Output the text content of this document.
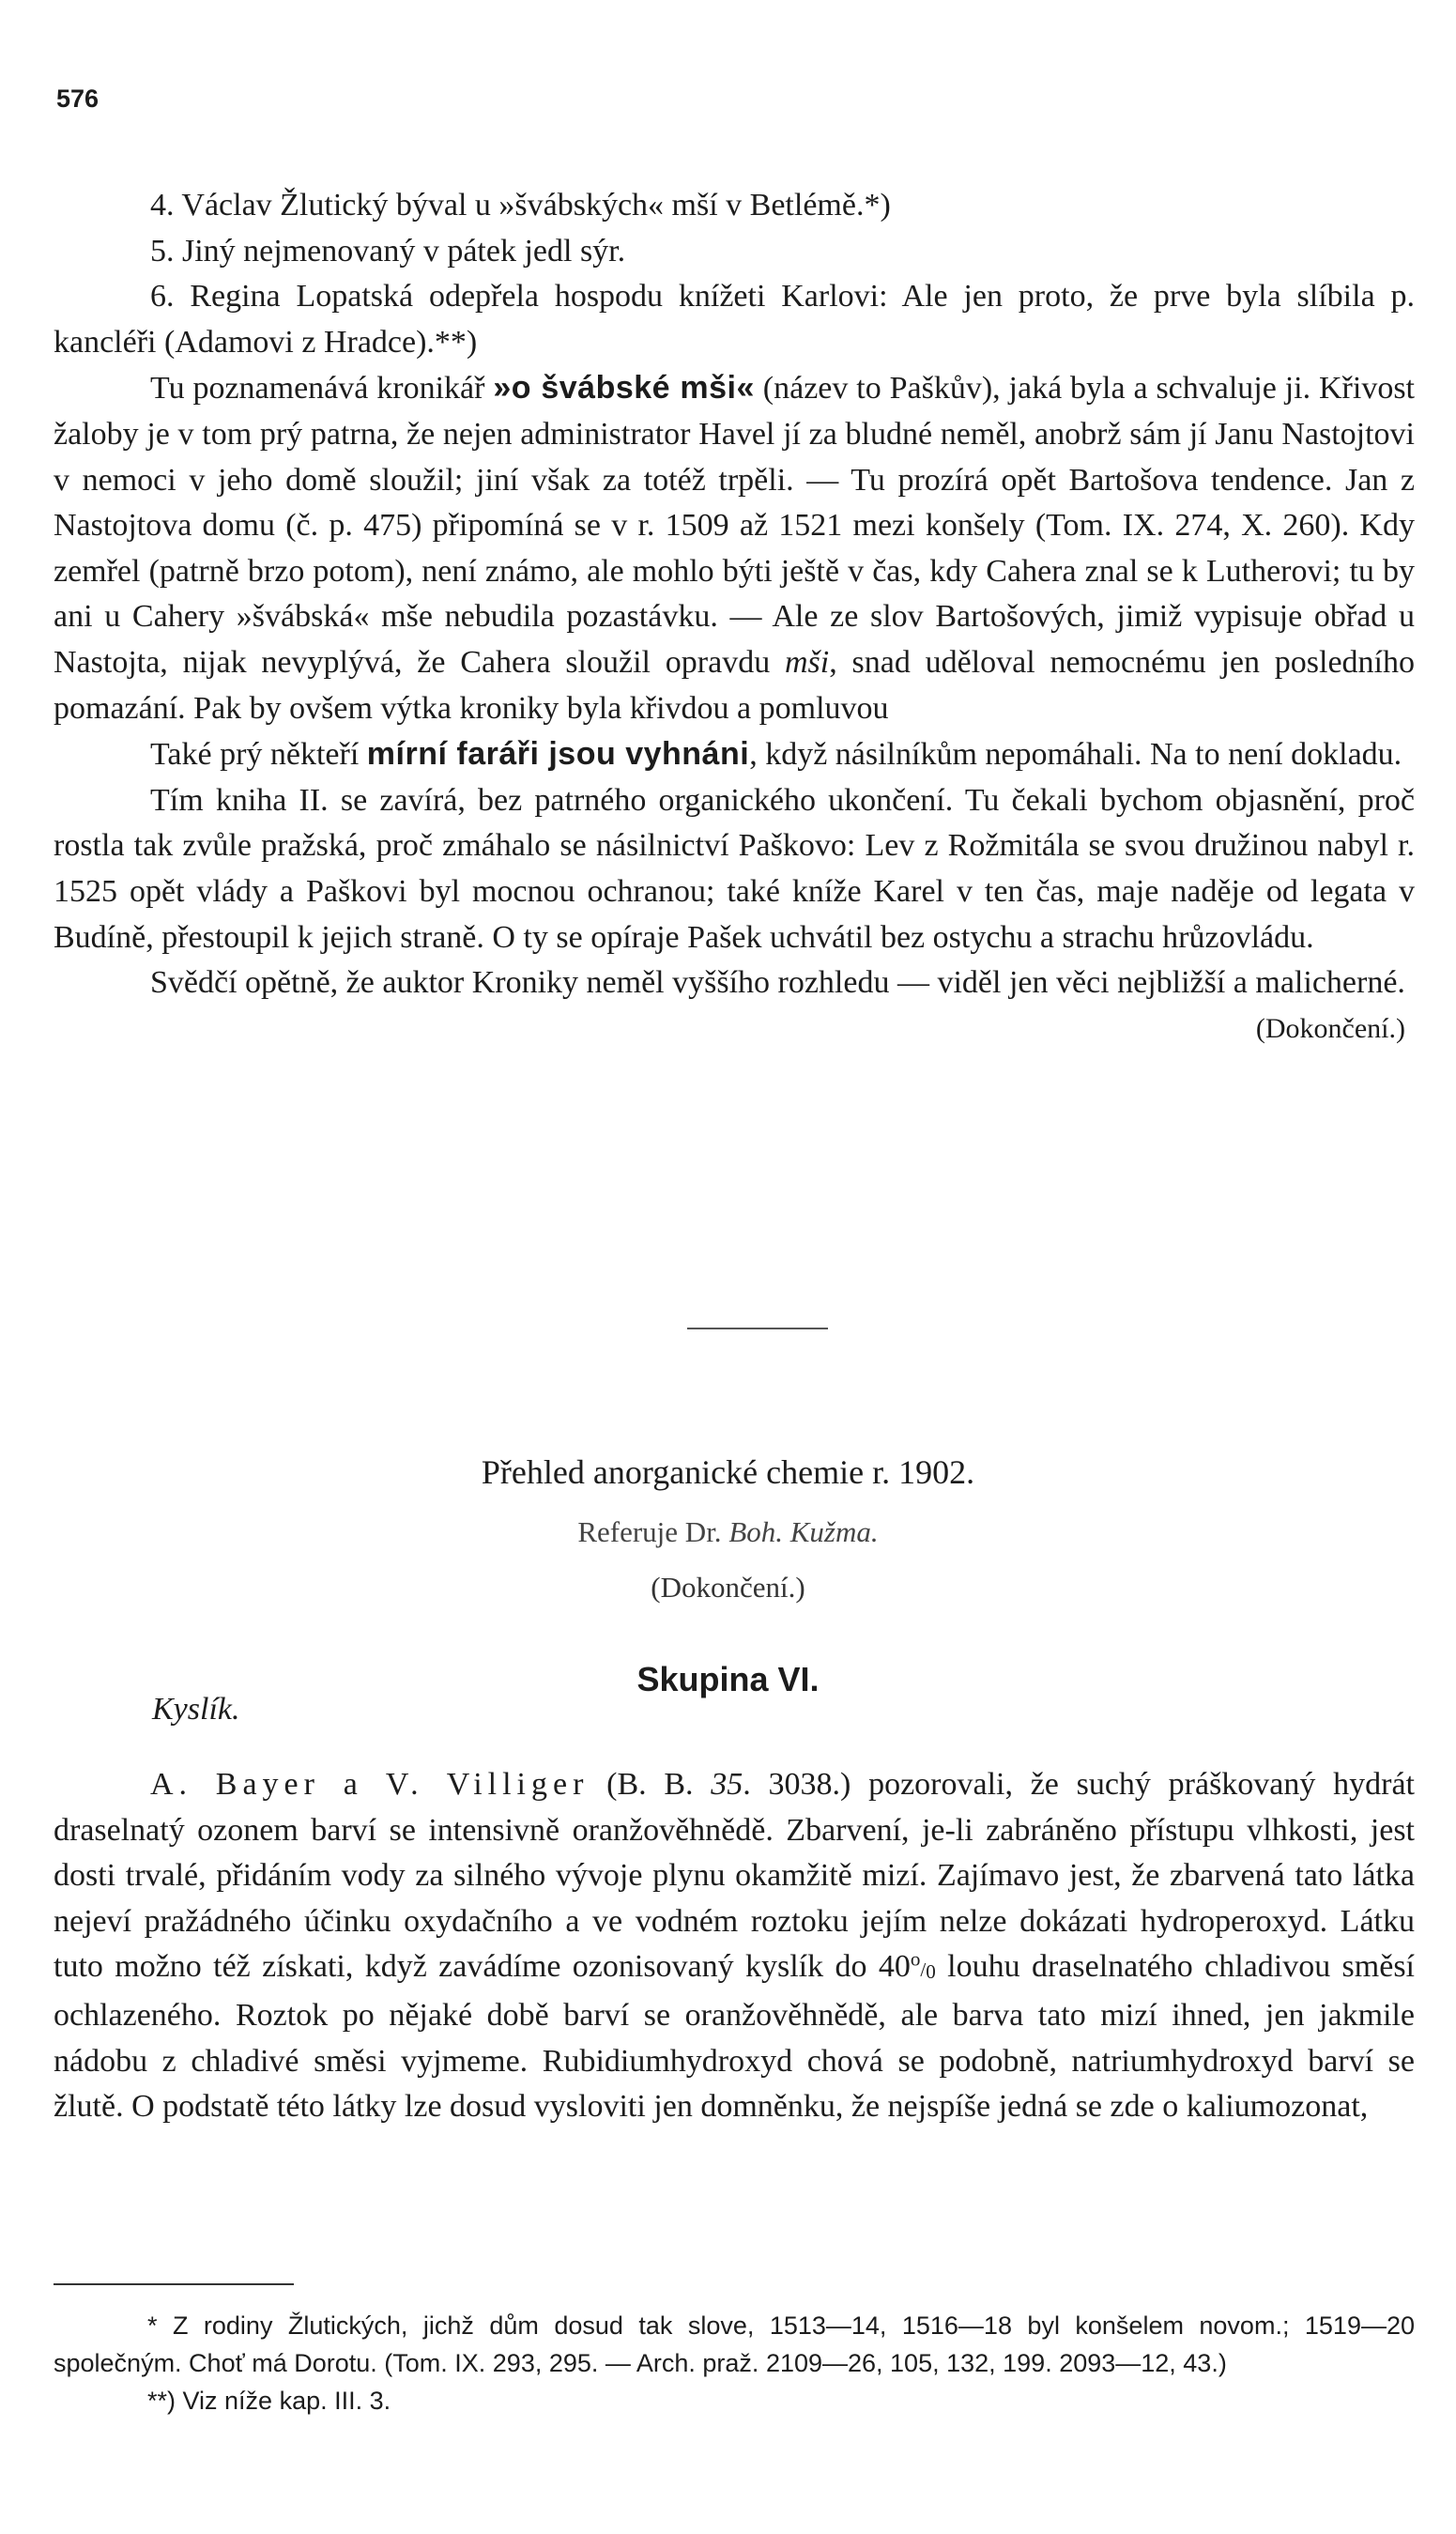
576

4. Václav Žlutický býval u »švábských« mší v Betlémě.*)

5. Jiný nejmenovaný v pátek jedl sýr.

6. Regina Lopatská odepřela hospodu knížeti Karlovi: Ale jen proto, že prve byla slíbila p. kancléři (Adamovi z Hradce).**)

Tu poznamenává kronikář »o švábské mši« (název to Paškův), jaká byla a schvaluje ji. Křivost žaloby je v tom prý patrna, že nejen administrator Havel jí za bludné neměl, anobrž sám jí Janu Nastojtovi v nemoci v jeho domě sloužil; jiní však za totéž trpěli. — Tu prozírá opět Bartošova tendence. Jan z Nastojtova domu (č. p. 475) připomíná se v r. 1509 až 1521 mezi konšely (Tom. IX. 274, X. 260). Kdy zemřel (patrně brzo potom), není známo, ale mohlo býti ještě v čas, kdy Cahera znal se k Lutherovi; tu by ani u Cahery »švábská« mše nebudila pozastávku. — Ale ze slov Bartošových, jimiž vypisuje obřad u Nastojta, nijak nevyplývá, že Cahera sloužil opravdu mši, snad uděloval nemocnému jen posledního pomazání. Pak by ovšem výtka kroniky byla křivdou a pomluvou

Také prý někteří mírní faráři jsou vyhnáni, když násilníkům nepomáhali. Na to není dokladu.

Tím kniha II. se zavírá, bez patrného organického ukončení. Tu čekali bychom objasnění, proč rostla tak zvůle pražská, proč zmáhalo se násilnictví Paškovo: Lev z Rožmitála se svou družinou nabyl r. 1525 opět vlády a Paškovi byl mocnou ochranou; také kníže Karel v ten čas, maje naděje od legata v Budíně, přestoupil k jejich straně. O ty se opíraje Pašek uchvátil bez ostychu a strachu hrůzovládu.

Svědčí opětně, že auktor Kroniky neměl vyššího rozhledu — viděl jen věci nejbližší a malicherné.

(Dokončení.)

Přehled anorganické chemie r. 1902.
Referuje Dr. Boh. Kužma.
(Dokončení.)
Skupina VI.
Kyslík.

A. Bayer a V. Villiger (B. B. 35. 3038.) pozorovali, že suchý práškovaný hydrát draselnatý ozonem barví se intensivně oranžověhnědě. Zbarvení, je-li zabráněno přístupu vlhkosti, jest dosti trvalé, přidáním vody za silného vývoje plynu okamžitě mizí. Zajímavo jest, že zbarvená tato látka nejeví pražádného účinku oxydačního a ve vodném roztoku jejím nelze dokázati hydroperoxyd. Látku tuto možno též získati, když zavádíme ozonisovaný kyslík do $40^o/_0$ louhu draselnatého chladivou směsí ochlazeného. Roztok po nějaké době barví se oranžověhnědě, ale barva tato mizí ihned, jen jakmile nádobu z chladivé směsi vyjmeme. Rubidiumhydroxyd chová se podobně, natriumhydroxyd barví se žlutě. O podstatě této látky lze dosud vysloviti jen domněnku, že nejspíše jedná se zde o kaliumozonat,

* Z rodiny Žlutických, jichž dům dosud tak slove, 1513—14, 1516—18 byl konšelem novom.; 1519—20 společným. Choť má Dorotu. (Tom. IX. 293, 295. — Arch. praž. 2109—26, 105, 132, 199. 2093—12, 43.)

**) Viz níže kap. III. 3.
